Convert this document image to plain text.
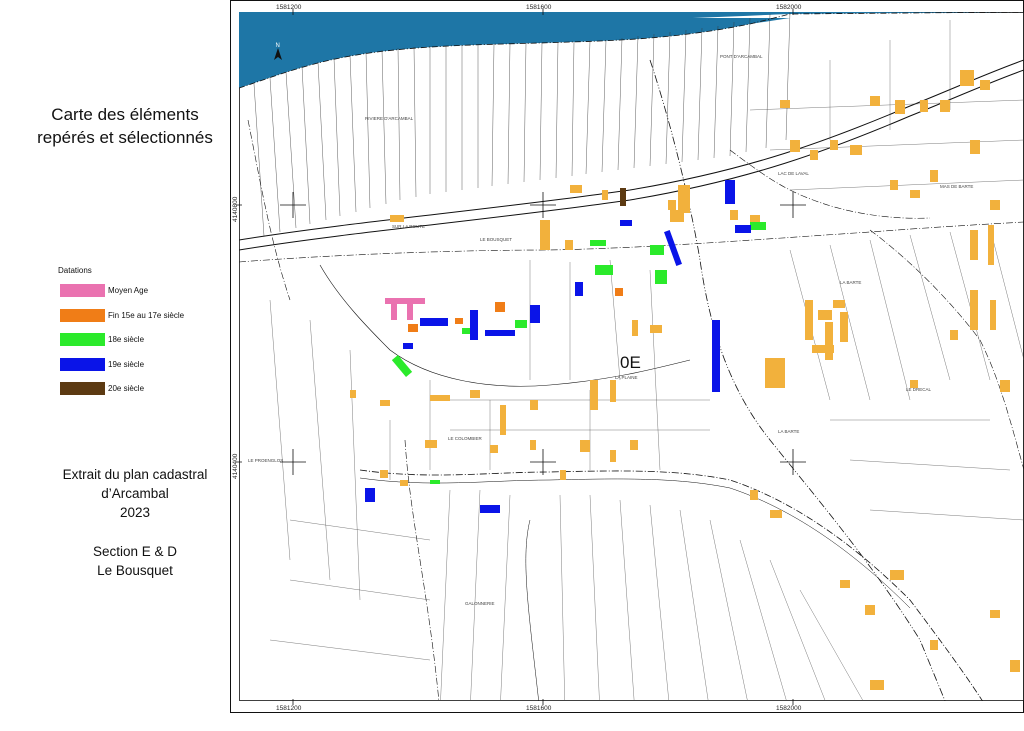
Carte des éléments
repérés et sélectionnés
Datations
Moyen Age
Fin 15e au 17e siècle
18e siècle
19e siècle
20e siècle
Extrait du plan cadastral
d’Arcambal
2023
Section E & D
Le Bousquet
1581200	1581600	1582000
1581200	1581600	1582000
4140800
4140400
N
PONT D'ARCAMBAL
RIVIERE D'ARCAMBAL
SUR LA ROUTE
LE BOUSQUET
LAC DE LAVAL
MAS DE BARTE
LA BARTE
LA PLAINE
LE COLOMBIER
LE PROENGLOS
LA BARTE
LE DRECAL
GALONNERIE
0E
